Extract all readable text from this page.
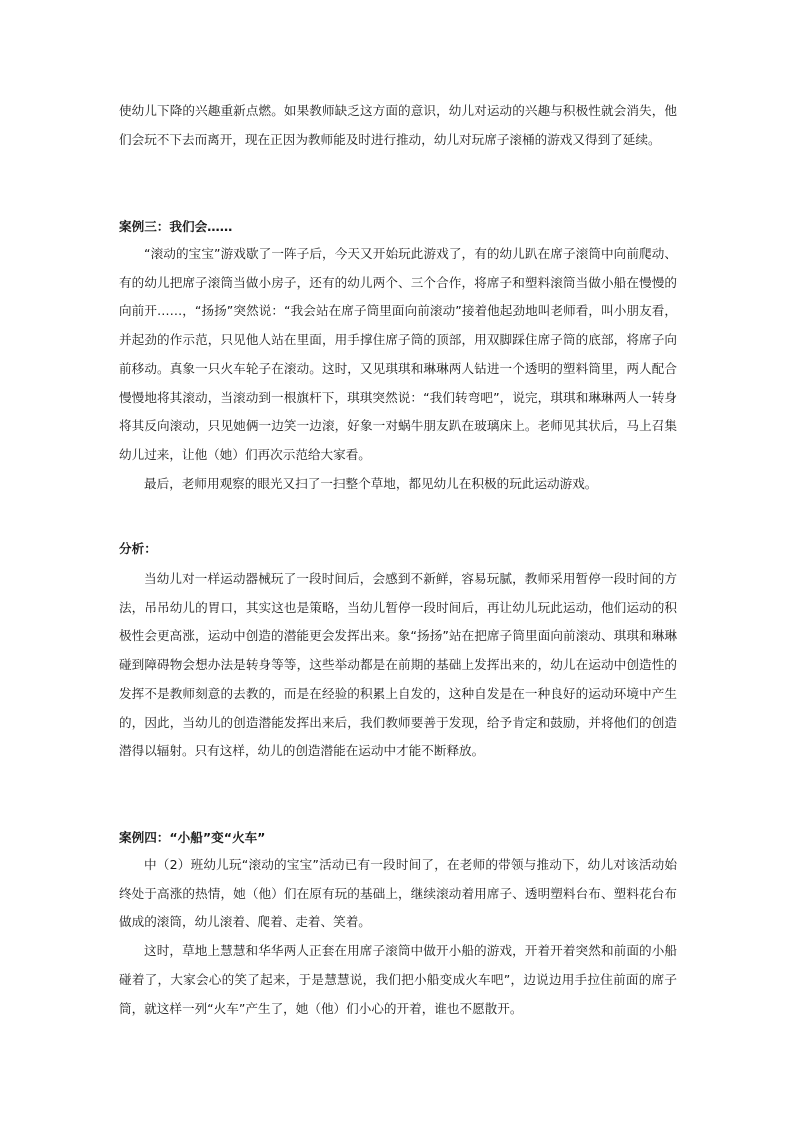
使幼儿下降的兴趣重新点燃。如果教师缺乏这方面的意识，幼儿对运动的兴趣与积极性就会消失，他们会玩不下去而离开，现在正因为教师能及时进行推动，幼儿对玩席子滚桶的游戏又得到了延续。

案例三：我们会……

“滚动的宝宝”游戏歇了一阵子后，今天又开始玩此游戏了，有的幼儿趴在席子滚筒中向前爬动、有的幼儿把席子滚筒当做小房子，还有的幼儿两个、三个合作，将席子和塑料滚筒当做小船在慢慢的向前开……，“扬扬”突然说：“我会站在席子筒里面向前滚动”接着他起劲地叫老师看，叫小朋友看，并起劲的作示范，只见他人站在里面，用手撑住席子筒的顶部，用双脚踩住席子筒的底部，将席子向前移动。真象一只火车轮子在滚动。这时，又见琪琪和琳琳两人钻进一个透明的塑料筒里，两人配合慢慢地将其滚动，当滚动到一根旗杆下，琪琪突然说：“我们转弯吧”，说完，琪琪和琳琳两人一转身将其反向滚动，只见她俩一边笑一边滚，好象一对蜗牛朋友趴在玻璃床上。老师见其状后，马上召集幼儿过来，让他（她）们再次示范给大家看。

最后，老师用观察的眼光又扫了一扫整个草地，都见幼儿在积极的玩此运动游戏。

分析：

当幼儿对一样运动器械玩了一段时间后，会感到不新鲜，容易玩腻，教师采用暂停一段时间的方法，吊吊幼儿的胃口，其实这也是策略，当幼儿暂停一段时间后，再让幼儿玩此运动，他们运动的积极性会更高涨，运动中创造的潜能更会发挥出来。象“扬扬”站在把席子筒里面向前滚动、琪琪和琳琳碰到障碍物会想办法是转身等等，这些举动都是在前期的基础上发挥出来的，幼儿在运动中创造性的发挥不是教师刻意的去教的，而是在经验的积累上自发的，这种自发是在一种良好的运动环境中产生的，因此，当幼儿的创造潜能发挥出来后，我们教师要善于发现，给予肯定和鼓励，并将他们的创造潜得以辐射。只有这样，幼儿的创造潜能在运动中才能不断释放。

案例四：“小船”变“火车”

中（2）班幼儿玩“滚动的宝宝”活动已有一段时间了，在老师的带领与推动下，幼儿对该活动始终处于高涨的热情，她（他）们在原有玩的基础上，继续滚动着用席子、透明塑料台布、塑料花台布做成的滚筒，幼儿滚着、爬着、走着、笑着。

这时，草地上慧慧和华华两人正套在用席子滚筒中做开小船的游戏，开着开着突然和前面的小船碰着了，大家会心的笑了起来，于是慧慧说，我们把小船变成火车吧”，边说边用手拉住前面的席子筒，就这样一列“火车”产生了，她（他）们小心的开着，谁也不愿散开。
